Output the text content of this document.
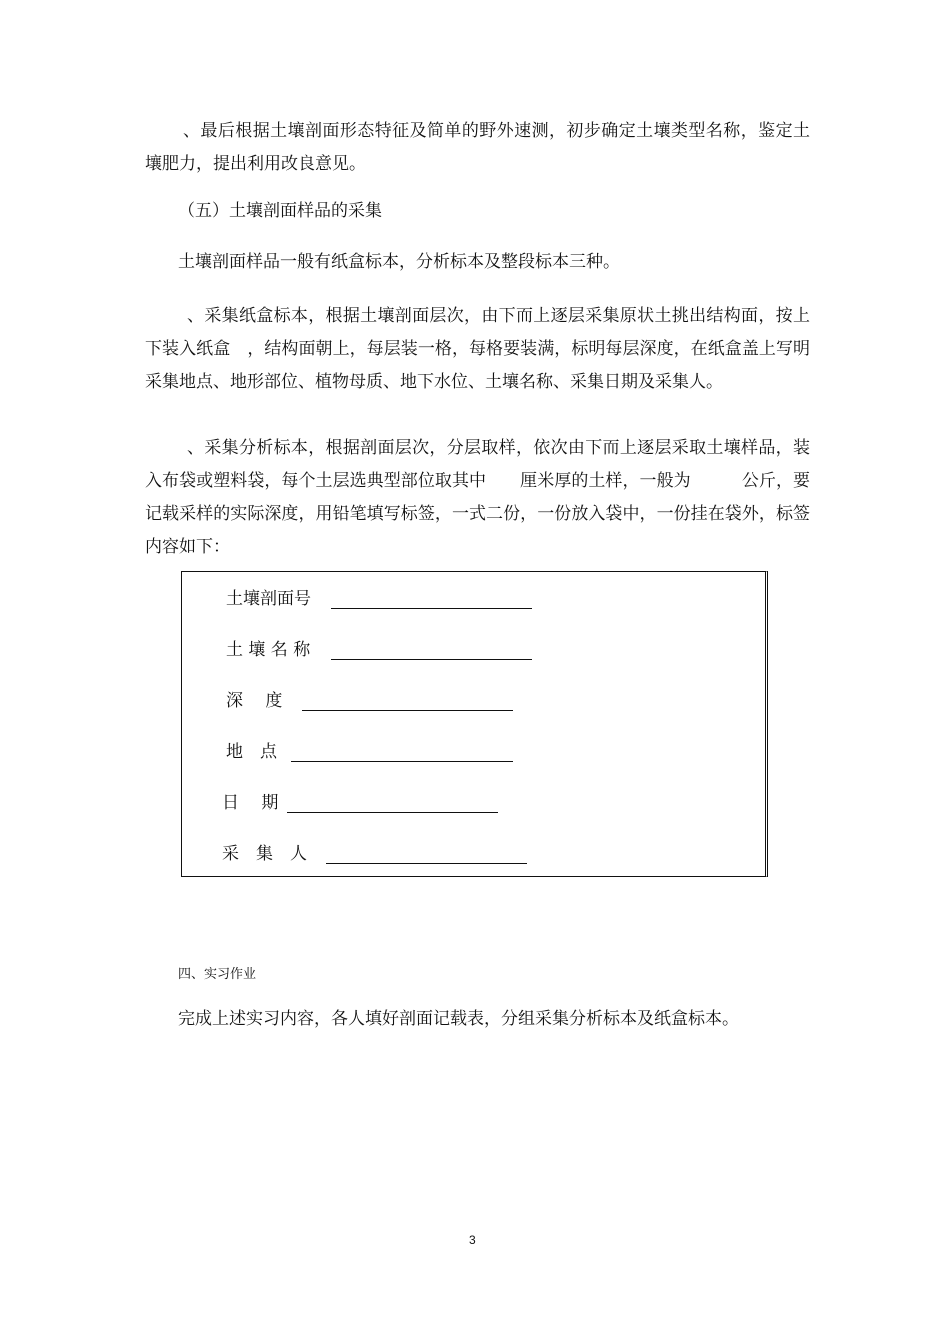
、最后根据土壤剖面形态特征及简单的野外速测，初步确定土壤类型名称，鉴定土壤肥力，提出利用改良意见。

（五）土壤剖面样品的采集
土壤剖面样品一般有纸盒标本，分析标本及整段标本三种。

、采集纸盒标本，根据土壤剖面层次，由下而上逐层采集原状土挑出结构面，按上下装入纸盒　，结构面朝上，每层装一格，每格要装满，标明每层深度，在纸盒盖上写明采集地点、地形部位、植物母质、地下水位、土壤名称、采集日期及采集人。

、采集分析标本，根据剖面层次，分层取样，依次由下而上逐层采取土壤样品，装入布袋或塑料袋，每个土层选典型部位取其中　　厘米厚的土样，一般为　　　公斤，要记载采样的实际深度，用铅笔填写标签，一式二份，一份放入袋中，一份挂在袋外，标签内容如下：

土壤剖面号
土 壤 名 称
深　 度
地　点
日　 期
采　集　人
四、实习作业
完成上述实习内容，各人填好剖面记载表，分组采集分析标本及纸盒标本。
3
